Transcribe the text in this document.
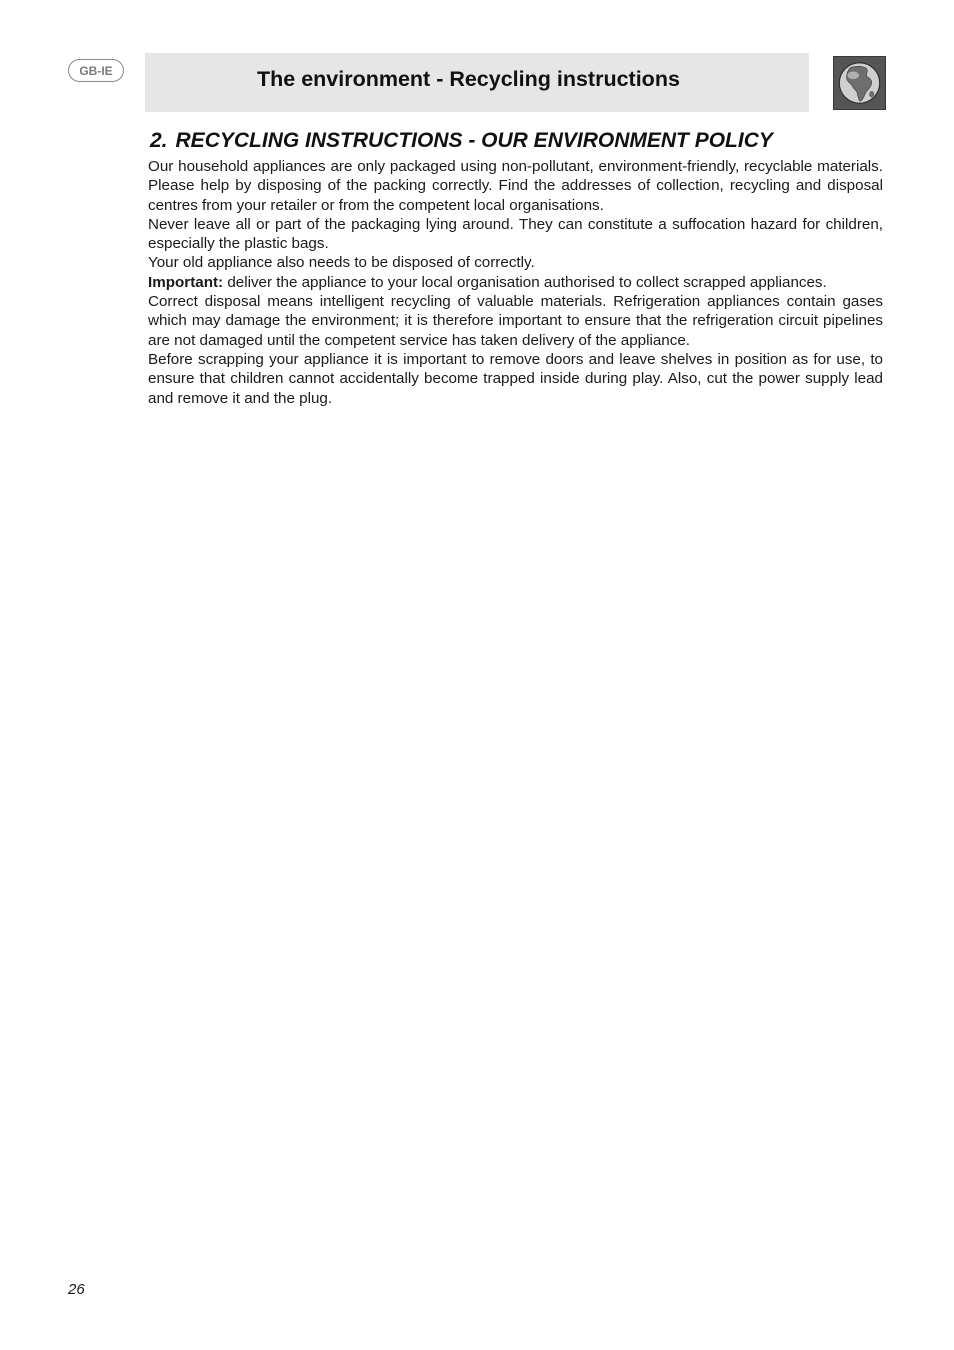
GB-IE	The environment - Recycling instructions
2. RECYCLING INSTRUCTIONS - OUR ENVIRONMENT POLICY

Our household appliances are only packaged using non-pollutant, environment-friendly, recyclable materials. Please help by disposing of the packing correctly. Find the addresses of collection, recycling and disposal centres from your retailer or from the competent local organisations.

Never leave all or part of the packaging lying around. They can constitute a suffocation hazard for children, especially the plastic bags.

Your old appliance also needs to be disposed of correctly.

Important: deliver the appliance to your local organisation authorised to collect scrapped appliances.

Correct disposal means intelligent recycling of valuable materials. Refrigeration appliances contain gases which may damage the environment; it is therefore important to ensure that the refrigeration circuit pipelines are not damaged until the competent service has taken delivery of the appliance.

Before scrapping your appliance it is important to remove doors and leave shelves in position as for use, to ensure that children cannot accidentally become trapped inside during play. Also, cut the power supply lead and remove it and the plug.

26
